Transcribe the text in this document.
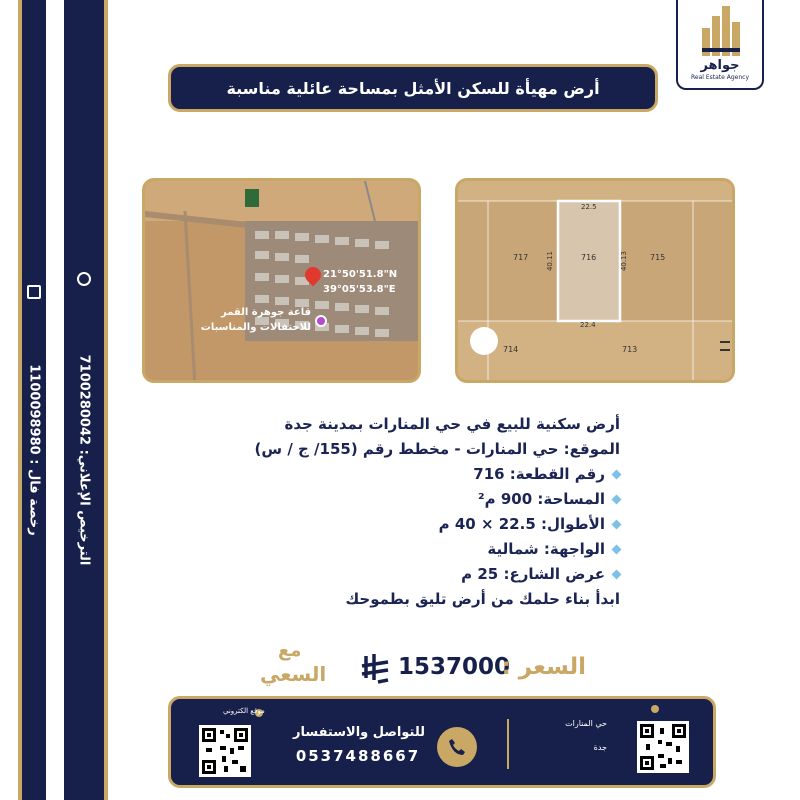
رخصة فال : 1100098980
الترخيص الإعلاني: 7100280042
جواهر
Real Estate Agency
أرض مهيأة للسكن الأمثل بمساحة عائلية مناسبة
21°50'51.8"N
39°05'53.8"E
قاعة جوهرة القمر
للاحتفالات والمناسبات
717	716	715
714	713
22.5
40.11	40.13
22.4
أرض سكنية للبيع في حي المنارات بمدينة جدة
الموقع: حي المنارات - مخطط رقم (155/ ج / س)
رقم القطعة: 716
المساحة: 900 م²
الأطوال: 22.5 × 40 م
الواجهة: شمالية
عرض الشارع: 25 م
ابدأ بناء حلمك من أرض تليق بطموحك
مع
السعي	1537000
السعر :
موقع الكتروني
للتواصل والاستفسار
0537488667
حي المنارات
جدة
